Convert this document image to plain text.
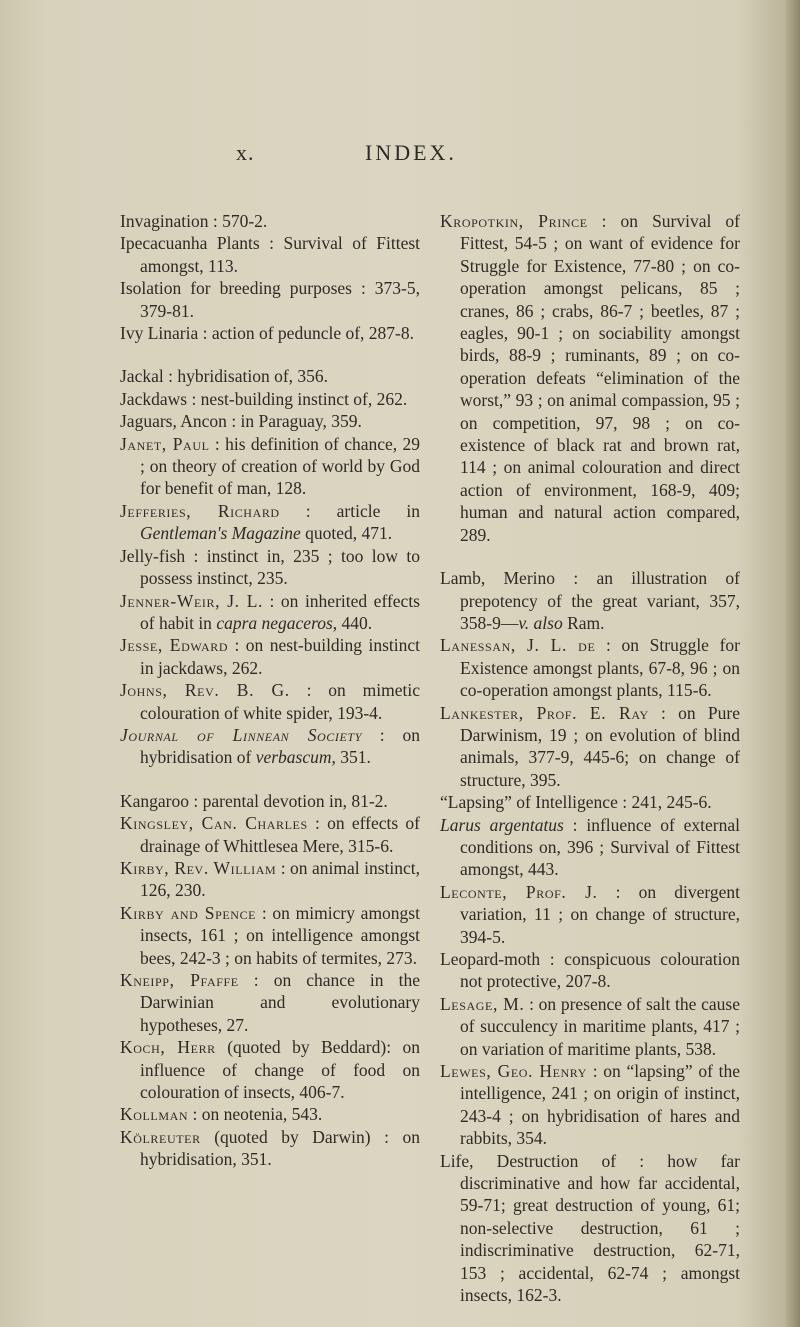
x.	INDEX.

Invagination : 570-2.

Ipecacuanha Plants : Survival of Fittest amongst, 113.

Isolation for breeding purposes : 373-5, 379-81.

Ivy Linaria : action of peduncle of, 287-8.

Jackal : hybridisation of, 356.

Jackdaws : nest-building instinct of, 262.

Jaguars, Ancon : in Paraguay, 359.

Janet, Paul : his definition of chance, 29 ; on theory of creation of world by God for benefit of man, 128.

Jefferies, Richard : article in Gentleman's Magazine quoted, 471.

Jelly-fish : instinct in, 235 ; too low to possess instinct, 235.

Jenner-Weir, J. L. : on inherited effects of habit in capra negaceros, 440.

Jesse, Edward : on nest-building instinct in jackdaws, 262.

Johns, Rev. B. G. : on mimetic colouration of white spider, 193-4.

Journal of Linnean Society : on hybridisation of verbascum, 351.

Kangaroo : parental devotion in, 81-2.

Kingsley, Can. Charles : on effects of drainage of Whittlesea Mere, 315-6.

Kirby, Rev. William : on animal instinct, 126, 230.

Kirby and Spence : on mimicry amongst insects, 161 ; on intelligence amongst bees, 242-3 ; on habits of termites, 273.

Kneipp, Pfaffe : on chance in the Darwinian and evolutionary hypotheses, 27.

Koch, Herr (quoted by Beddard): on influence of change of food on colouration of insects, 406-7.

Kollman : on neotenia, 543.

Kölreuter (quoted by Darwin) : on hybridisation, 351.

Kropotkin, Prince : on Survival of Fittest, 54-5 ; on want of evidence for Struggle for Existence, 77-80 ; on co-operation amongst pelicans, 85 ; cranes, 86 ; crabs, 86-7 ; beetles, 87 ; eagles, 90-1 ; on sociability amongst birds, 88-9 ; ruminants, 89 ; on co-operation defeats “elimination of the worst,” 93 ; on animal compassion, 95 ; on competition, 97, 98 ; on co-existence of black rat and brown rat, 114 ; on animal colouration and direct action of environment, 168-9, 409; human and natural action compared, 289.

Lamb, Merino : an illustration of prepotency of the great variant, 357, 358-9—v. also Ram.

Lanessan, J. L. de : on Struggle for Existence amongst plants, 67-8, 96 ; on co-operation amongst plants, 115-6.

Lankester, Prof. E. Ray : on Pure Darwinism, 19 ; on evolution of blind animals, 377-9, 445-6; on change of structure, 395.

“Lapsing” of Intelligence : 241, 245-6.

Larus argentatus : influence of external conditions on, 396 ; Survival of Fittest amongst, 443.

Leconte, Prof. J. : on divergent variation, 11 ; on change of structure, 394-5.

Leopard-moth : conspicuous colouration not protective, 207-8.

Lesage, M. : on presence of salt the cause of succulency in maritime plants, 417 ; on variation of maritime plants, 538.

Lewes, Geo. Henry : on “lapsing” of the intelligence, 241 ; on origin of instinct, 243-4 ; on hybridisation of hares and rabbits, 354.

Life, Destruction of : how far discriminative and how far accidental, 59-71; great destruction of young, 61; non-selective destruction, 61 ; indiscriminative destruction, 62-71, 153 ; accidental, 62-74 ; amongst insects, 162-3.
